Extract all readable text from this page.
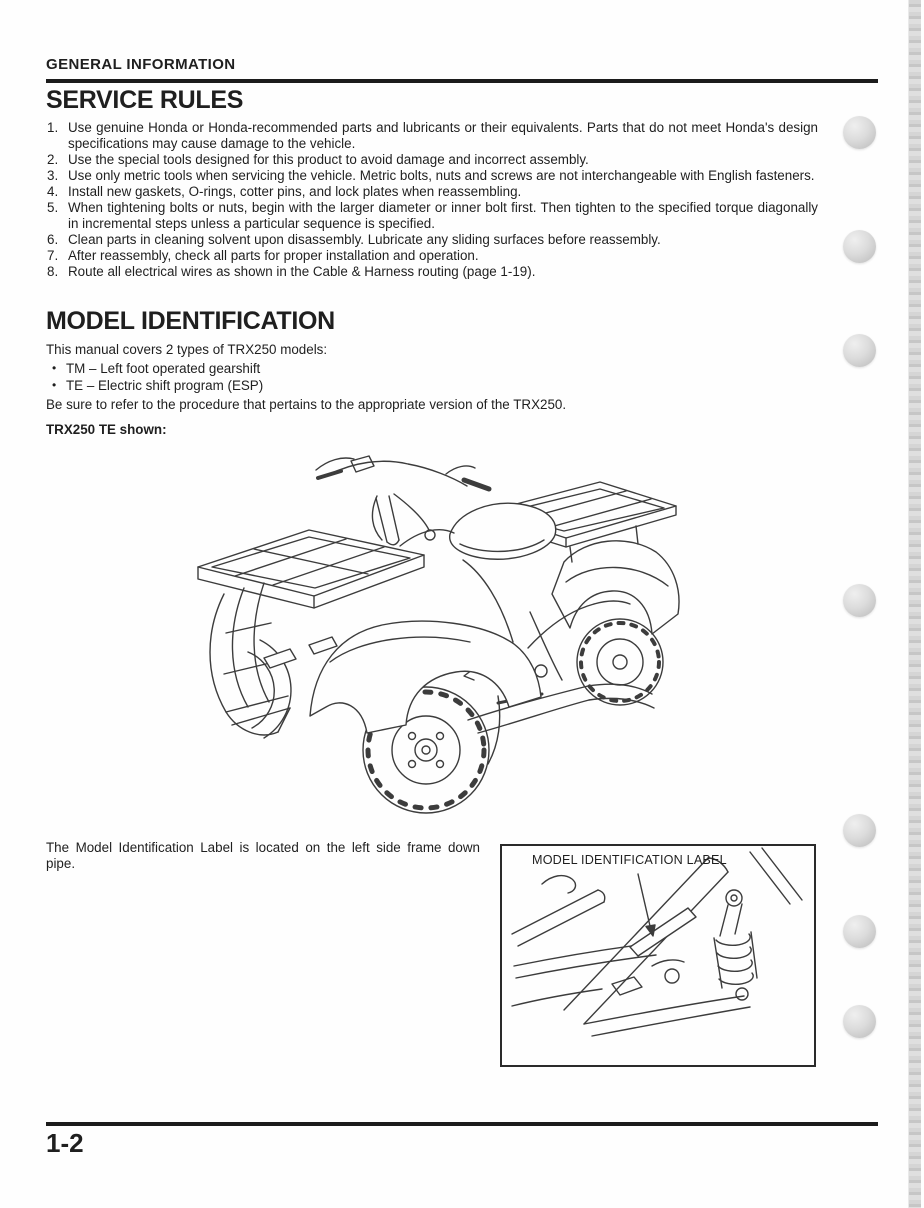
GENERAL INFORMATION
SERVICE RULES
1. Use genuine Honda or Honda-recommended parts and lubricants or their equivalents. Parts that do not meet Honda's design specifications may cause damage to the vehicle.
2. Use the special tools designed for this product to avoid damage and incorrect assembly.
3. Use only metric tools when servicing the vehicle. Metric bolts, nuts and screws are not interchangeable with English fasteners.
4. Install new gaskets, O-rings, cotter pins, and lock plates when reassembling.
5. When tightening bolts or nuts, begin with the larger diameter or inner bolt first. Then tighten to the specified torque diagonally in incremental steps unless a particular sequence is specified.
6. Clean parts in cleaning solvent upon disassembly. Lubricate any sliding surfaces before reassembly.
7. After reassembly, check all parts for proper installation and operation.
8. Route all electrical wires as shown in the Cable & Harness routing (page 1-19).
MODEL IDENTIFICATION
This manual covers 2 types of TRX250 models:
• TM – Left foot operated gearshift
• TE – Electric shift program (ESP)
Be sure to refer to the procedure that pertains to the appropriate version of the TRX250.
TRX250 TE shown:
The Model Identification Label is located on the left side frame down pipe.	MODEL IDENTIFICATION LABEL
1-2
